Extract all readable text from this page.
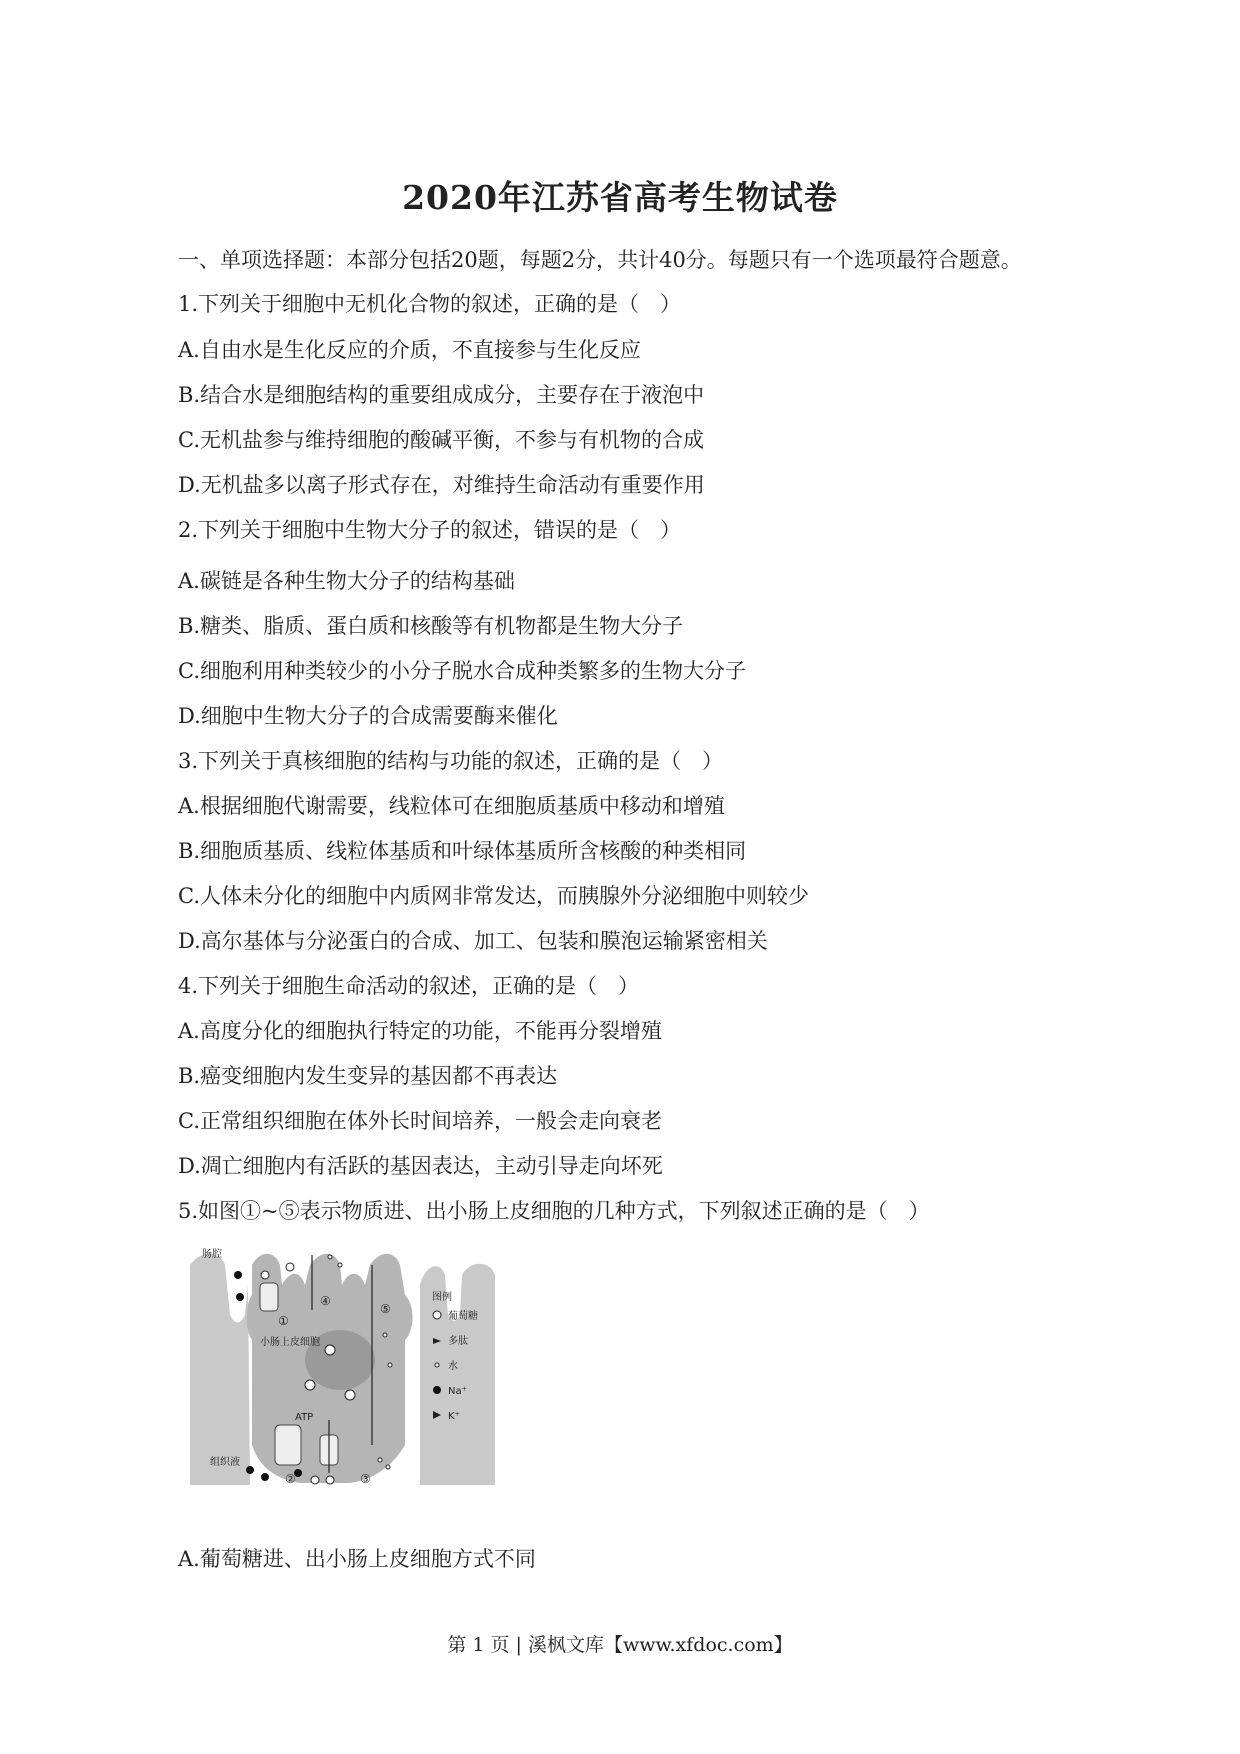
2020年江苏省高考生物试卷
一、单项选择题：本部分包括20题，每题2分，共计40分。每题只有一个选项最符合题意。
1.下列关于细胞中无机化合物的叙述，正确的是（　）
A.自由水是生化反应的介质，不直接参与生化反应
B.结合水是细胞结构的重要组成成分，主要存在于液泡中
C.无机盐参与维持细胞的酸碱平衡，不参与有机物的合成
D.无机盐多以离子形式存在，对维持生命活动有重要作用
2.下列关于细胞中生物大分子的叙述，错误的是（　）
A.碳链是各种生物大分子的结构基础
B.糖类、脂质、蛋白质和核酸等有机物都是生物大分子
C.细胞利用种类较少的小分子脱水合成种类繁多的生物大分子
D.细胞中生物大分子的合成需要酶来催化
3.下列关于真核细胞的结构与功能的叙述，正确的是（　）
A.根据细胞代谢需要，线粒体可在细胞质基质中移动和增殖
B.细胞质基质、线粒体基质和叶绿体基质所含核酸的种类相同
C.人体未分化的细胞中内质网非常发达，而胰腺外分泌细胞中则较少
D.高尔基体与分泌蛋白的合成、加工、包装和膜泡运输紧密相关
4.下列关于细胞生命活动的叙述，正确的是（　）
A.高度分化的细胞执行特定的功能，不能再分裂增殖
B.癌变细胞内发生变异的基因都不再表达
C.正常组织细胞在体外长时间培养，一般会走向衰老
D.凋亡细胞内有活跃的基因表达，主动引导走向坏死
5.如图①~⑤表示物质进、出小肠上皮细胞的几种方式，下列叙述正确的是（　）
肠腔
小肠上皮细胞
组织液
ATP
①
②	③
④
⑤
图例
葡萄糖
多肽
水
Na⁺
K⁺
A.葡萄糖进、出小肠上皮细胞方式不同
第 1 页 | 溪枫文库【www.xfdoc.com】
